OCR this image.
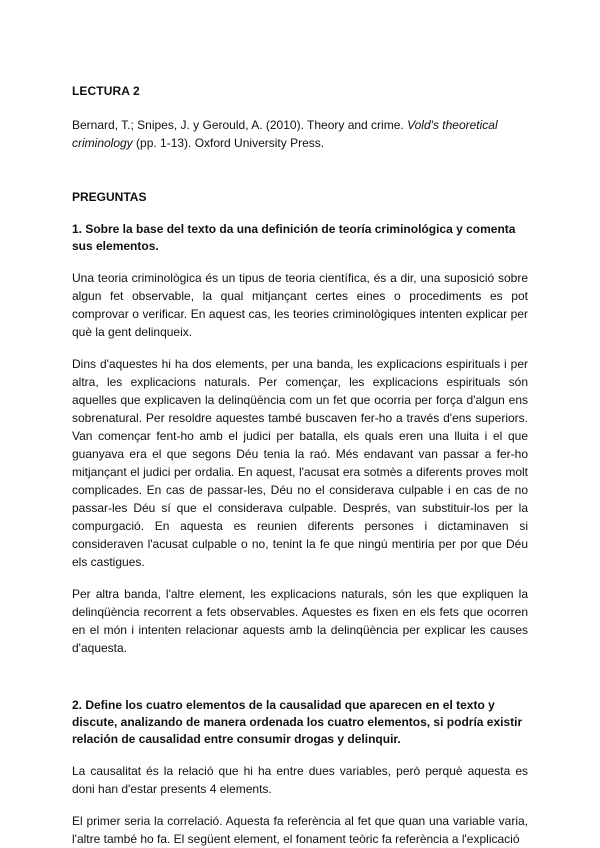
LECTURA 2

Bernard, T.; Snipes, J. y Gerould, A. (2010). Theory and crime. Vold's theoretical criminology (pp. 1-13). Oxford University Press.

PREGUNTAS
1. Sobre la base del texto da una definición de teoría criminológica y comenta sus elementos.

Una teoria criminològica és un tipus de teoria científica, és a dir, una suposició sobre algun fet observable, la qual mitjançant certes eines o procediments es pot comprovar o verificar. En aquest cas, les teories criminològiques intenten explicar per què la gent delinqueix.

Dins d'aquestes hi ha dos elements, per una banda, les explicacions espirituals i per altra, les explicacions naturals. Per començar, les explicacions espirituals són aquelles que explicaven la delinqüència com un fet que ocorria per força d'algun ens sobrenatural. Per resoldre aquestes també buscaven fer-ho a través d'ens superiors. Van començar fent-ho amb el judici per batalla, els quals eren una lluita i el que guanyava era el que segons Déu tenia la raó. Més endavant van passar a fer-ho mitjançant el judici per ordalia. En aquest, l'acusat era sotmès a diferents proves molt complicades. En cas de passar-les, Déu no el considerava culpable i en cas de no passar-les Déu sí que el considerava culpable. Després, van substituir-los per la compurgació. En aquesta es reunien diferents persones i dictaminaven si consideraven l'acusat culpable o no, tenint la fe que ningú mentiria per por que Déu els castigues.

Per altra banda, l'altre element, les explicacions naturals, són les que expliquen la delinqüència recorrent a fets observables. Aquestes es fixen en els fets que ocorren en el món i intenten relacionar aquests amb la delinqüència per explicar les causes d'aquesta.

2. Define los cuatro elementos de la causalidad que aparecen en el texto y discute, analizando de manera ordenada los cuatro elementos, si podría existir relación de causalidad entre consumir drogas y delinquir.

La causalitat és la relació que hi ha entre dues variables, però perquè aquesta es doni han d'estar presents 4 elements.

El primer seria la correlació. Aquesta fa referència al fet que quan una variable varia, l'altre també ho fa. El següent element, el fonament teòric fa referència a l'explicació
